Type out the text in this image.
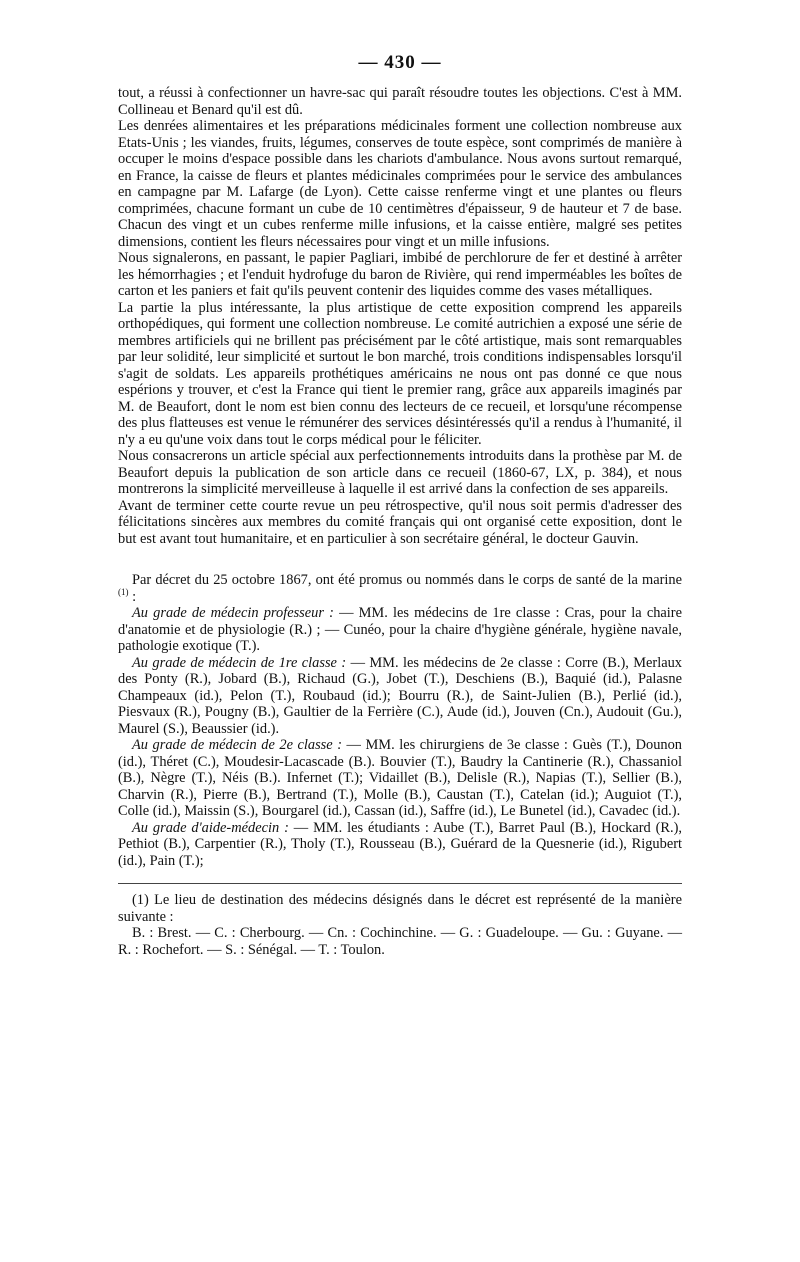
— 430 —

tout, a réussi à confectionner un havre-sac qui paraît résoudre toutes les objections. C'est à MM. Collineau et Benard qu'il est dû.

Les denrées alimentaires et les préparations médicinales forment une collection nombreuse aux Etats-Unis ; les viandes, fruits, légumes, conserves de toute espèce, sont comprimés de manière à occuper le moins d'espace possible dans les chariots d'ambulance. Nous avons surtout remarqué, en France, la caisse de fleurs et plantes médicinales comprimées pour le service des ambulances en campagne par M. Lafarge (de Lyon). Cette caisse renferme vingt et une plantes ou fleurs comprimées, chacune formant un cube de 10 centimètres d'épaisseur, 9 de hauteur et 7 de base. Chacun des vingt et un cubes renferme mille infusions, et la caisse entière, malgré ses petites dimensions, contient les fleurs nécessaires pour vingt et un mille infusions.

Nous signalerons, en passant, le papier Pagliari, imbibé de perchlorure de fer et destiné à arrêter les hémorrhagies ; et l'enduit hydrofuge du baron de Rivière, qui rend imperméables les boîtes de carton et les paniers et fait qu'ils peuvent contenir des liquides comme des vases métalliques.

La partie la plus intéressante, la plus artistique de cette exposition comprend les appareils orthopédiques, qui forment une collection nombreuse. Le comité autrichien a exposé une série de membres artificiels qui ne brillent pas précisément par le côté artistique, mais sont remarquables par leur solidité, leur simplicité et surtout le bon marché, trois conditions indispensables lorsqu'il s'agit de soldats. Les appareils prothétiques américains ne nous ont pas donné ce que nous espérions y trouver, et c'est la France qui tient le premier rang, grâce aux appareils imaginés par M. de Beaufort, dont le nom est bien connu des lecteurs de ce recueil, et lorsqu'une récompense des plus flatteuses est venue le rémunérer des services désintéressés qu'il a rendus à l'humanité, il n'y a eu qu'une voix dans tout le corps médical pour le féliciter.

Nous consacrerons un article spécial aux perfectionnements introduits dans la prothèse par M. de Beaufort depuis la publication de son article dans ce recueil (1860-67, LX, p. 384), et nous montrerons la simplicité merveilleuse à laquelle il est arrivé dans la confection de ses appareils.

Avant de terminer cette courte revue un peu rétrospective, qu'il nous soit permis d'adresser des félicitations sincères aux membres du comité français qui ont organisé cette exposition, dont le but est avant tout humanitaire, et en particulier à son secrétaire général, le docteur Gauvin.

Par décret du 25 octobre 1867, ont été promus ou nommés dans le corps de santé de la marine $^{(1)}$ :

Au grade de médecin professeur : — MM. les médecins de 1re classe : Cras, pour la chaire d'anatomie et de physiologie (R.) ; — Cunéo, pour la chaire d'hygiène générale, hygiène navale, pathologie exotique (T.).

Au grade de médecin de 1re classe : — MM. les médecins de 2e classe : Corre (B.), Merlaux des Ponty (R.), Jobard (B.), Richaud (G.), Jobet (T.), Deschiens (B.), Baquié (id.), Palasne Champeaux (id.), Pelon (T.), Roubaud (id.); Bourru (R.), de Saint-Julien (B.), Perlié (id.), Piesvaux (R.), Pougny (B.), Gaultier de la Ferrière (C.), Aude (id.), Jouven (Cn.), Audouit (Gu.), Maurel (S.), Beaussier (id.).

Au grade de médecin de 2e classe : — MM. les chirurgiens de 3e classe : Guès (T.), Dounon (id.), Théret (C.), Moudesir-Lacascade (B.). Bouvier (T.), Baudry la Cantinerie (R.), Chassaniol (B.), Nègre (T.), Néis (B.). Infernet (T.); Vidaillet (B.), Delisle (R.), Napias (T.), Sellier (B.), Charvin (R.), Pierre (B.), Bertrand (T.), Molle (B.), Caustan (T.), Catelan (id.); Auguiot (T.), Colle (id.), Maissin (S.), Bourgarel (id.), Cassan (id.), Saffre (id.), Le Bunetel (id.), Cavadec (id.).

Au grade d'aide-médecin : — MM. les étudiants : Aube (T.), Barret Paul (B.), Hockard (R.), Pethiot (B.), Carpentier (R.), Tholy (T.), Rousseau (B.), Guérard de la Quesnerie (id.), Rigubert (id.), Pain (T.);

(1) Le lieu de destination des médecins désignés dans le décret est représenté de la manière suivante :

B. : Brest. — C. : Cherbourg. — Cn. : Cochinchine. — G. : Guadeloupe. — Gu. : Guyane. — R. : Rochefort. — S. : Sénégal. — T. : Toulon.
